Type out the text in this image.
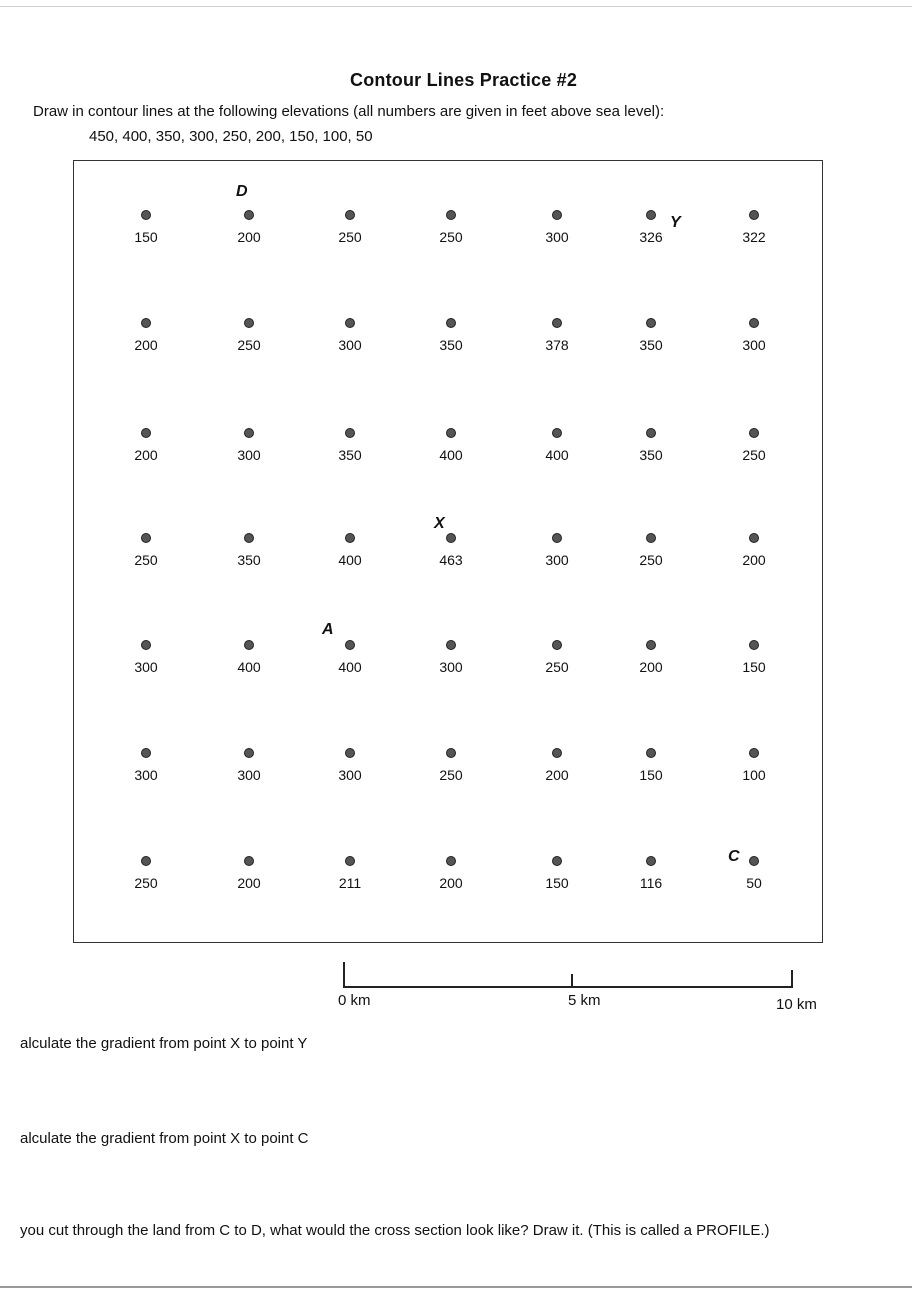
Contour Lines Practice #2
Draw in contour lines at the following elevations (all numbers are given in feet above sea level):
450, 400, 350, 300, 250, 200, 150, 100, 50
150	200	250	250	300	326	322
200	250	300	350	378	350	300
200	300	350	400	400	350	250
250	350	400	463	300	250	200
300	400	400	300	250	200	150
300	300	300	250	200	150	100
250	200	211	200	150	116	50
D
Y
X
A
C
0 km	5 km	10 km
alculate the gradient from point X to point Y
alculate the gradient from point X to point C
you cut through the land from C to D, what would the cross section look like? Draw it. (This is called a PROFILE.)
